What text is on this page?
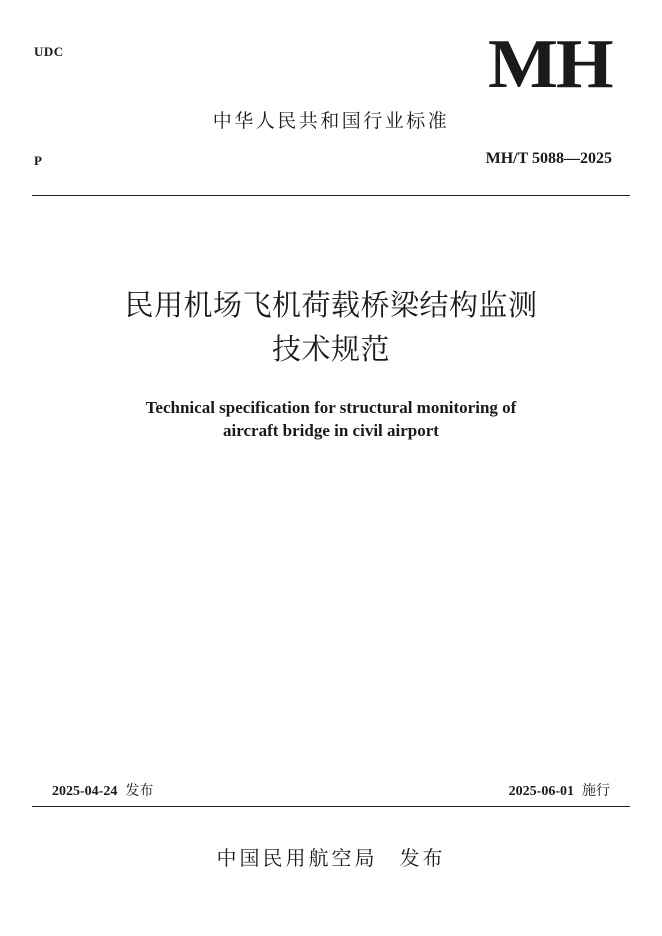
UDC	MH
中华人民共和国行业标准
P	MH/T 5088—2025
民用机场飞机荷载桥梁结构监测
技术规范
Technical specification for structural monitoring of
aircraft bridge in civil airport
2025-04-24 发布	2025-06-01 施行
中国民用航空局 发布
